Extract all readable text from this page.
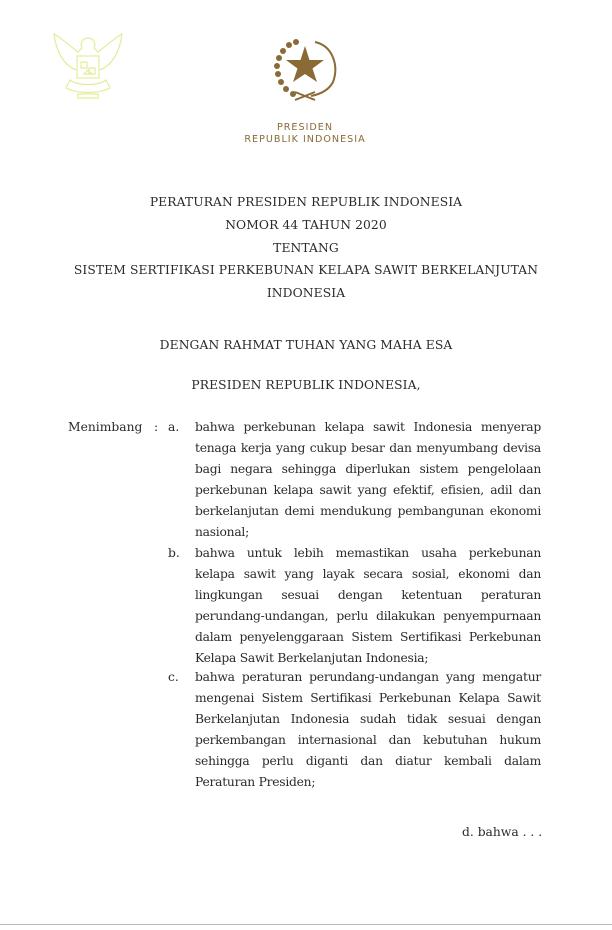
PRESIDEN
REPUBLIK INDONESIA
PERATURAN PRESIDEN REPUBLIK INDONESIA
NOMOR 44 TAHUN 2020
TENTANG
SISTEM SERTIFIKASI PERKEBUNAN KELAPA SAWIT BERKELANJUTAN
INDONESIA
DENGAN RAHMAT TUHAN YANG MAHA ESA
PRESIDEN REPUBLIK INDONESIA,
Menimbang : a. bahwa perkebunan kelapa sawit Indonesia menyerap
tenaga kerja yang cukup besar dan menyumbang devisa
bagi negara sehingga diperlukan sistem pengelolaan
perkebunan kelapa sawit yang efektif, efisien, adil dan
berkelanjutan demi mendukung pembangunan ekonomi
nasional;
b. bahwa untuk lebih memastikan usaha perkebunan
kelapa sawit yang layak secara sosial, ekonomi dan
lingkungan sesuai dengan ketentuan peraturan
perundang-undangan, perlu dilakukan penyempurnaan
dalam penyelenggaraan Sistem Sertifikasi Perkebunan
Kelapa Sawit Berkelanjutan Indonesia;
c. bahwa peraturan perundang-undangan yang mengatur
mengenai Sistem Sertifikasi Perkebunan Kelapa Sawit
Berkelanjutan Indonesia sudah tidak sesuai dengan
perkembangan internasional dan kebutuhan hukum
sehingga perlu diganti dan diatur kembali dalam
Peraturan Presiden;
d. bahwa . . .
